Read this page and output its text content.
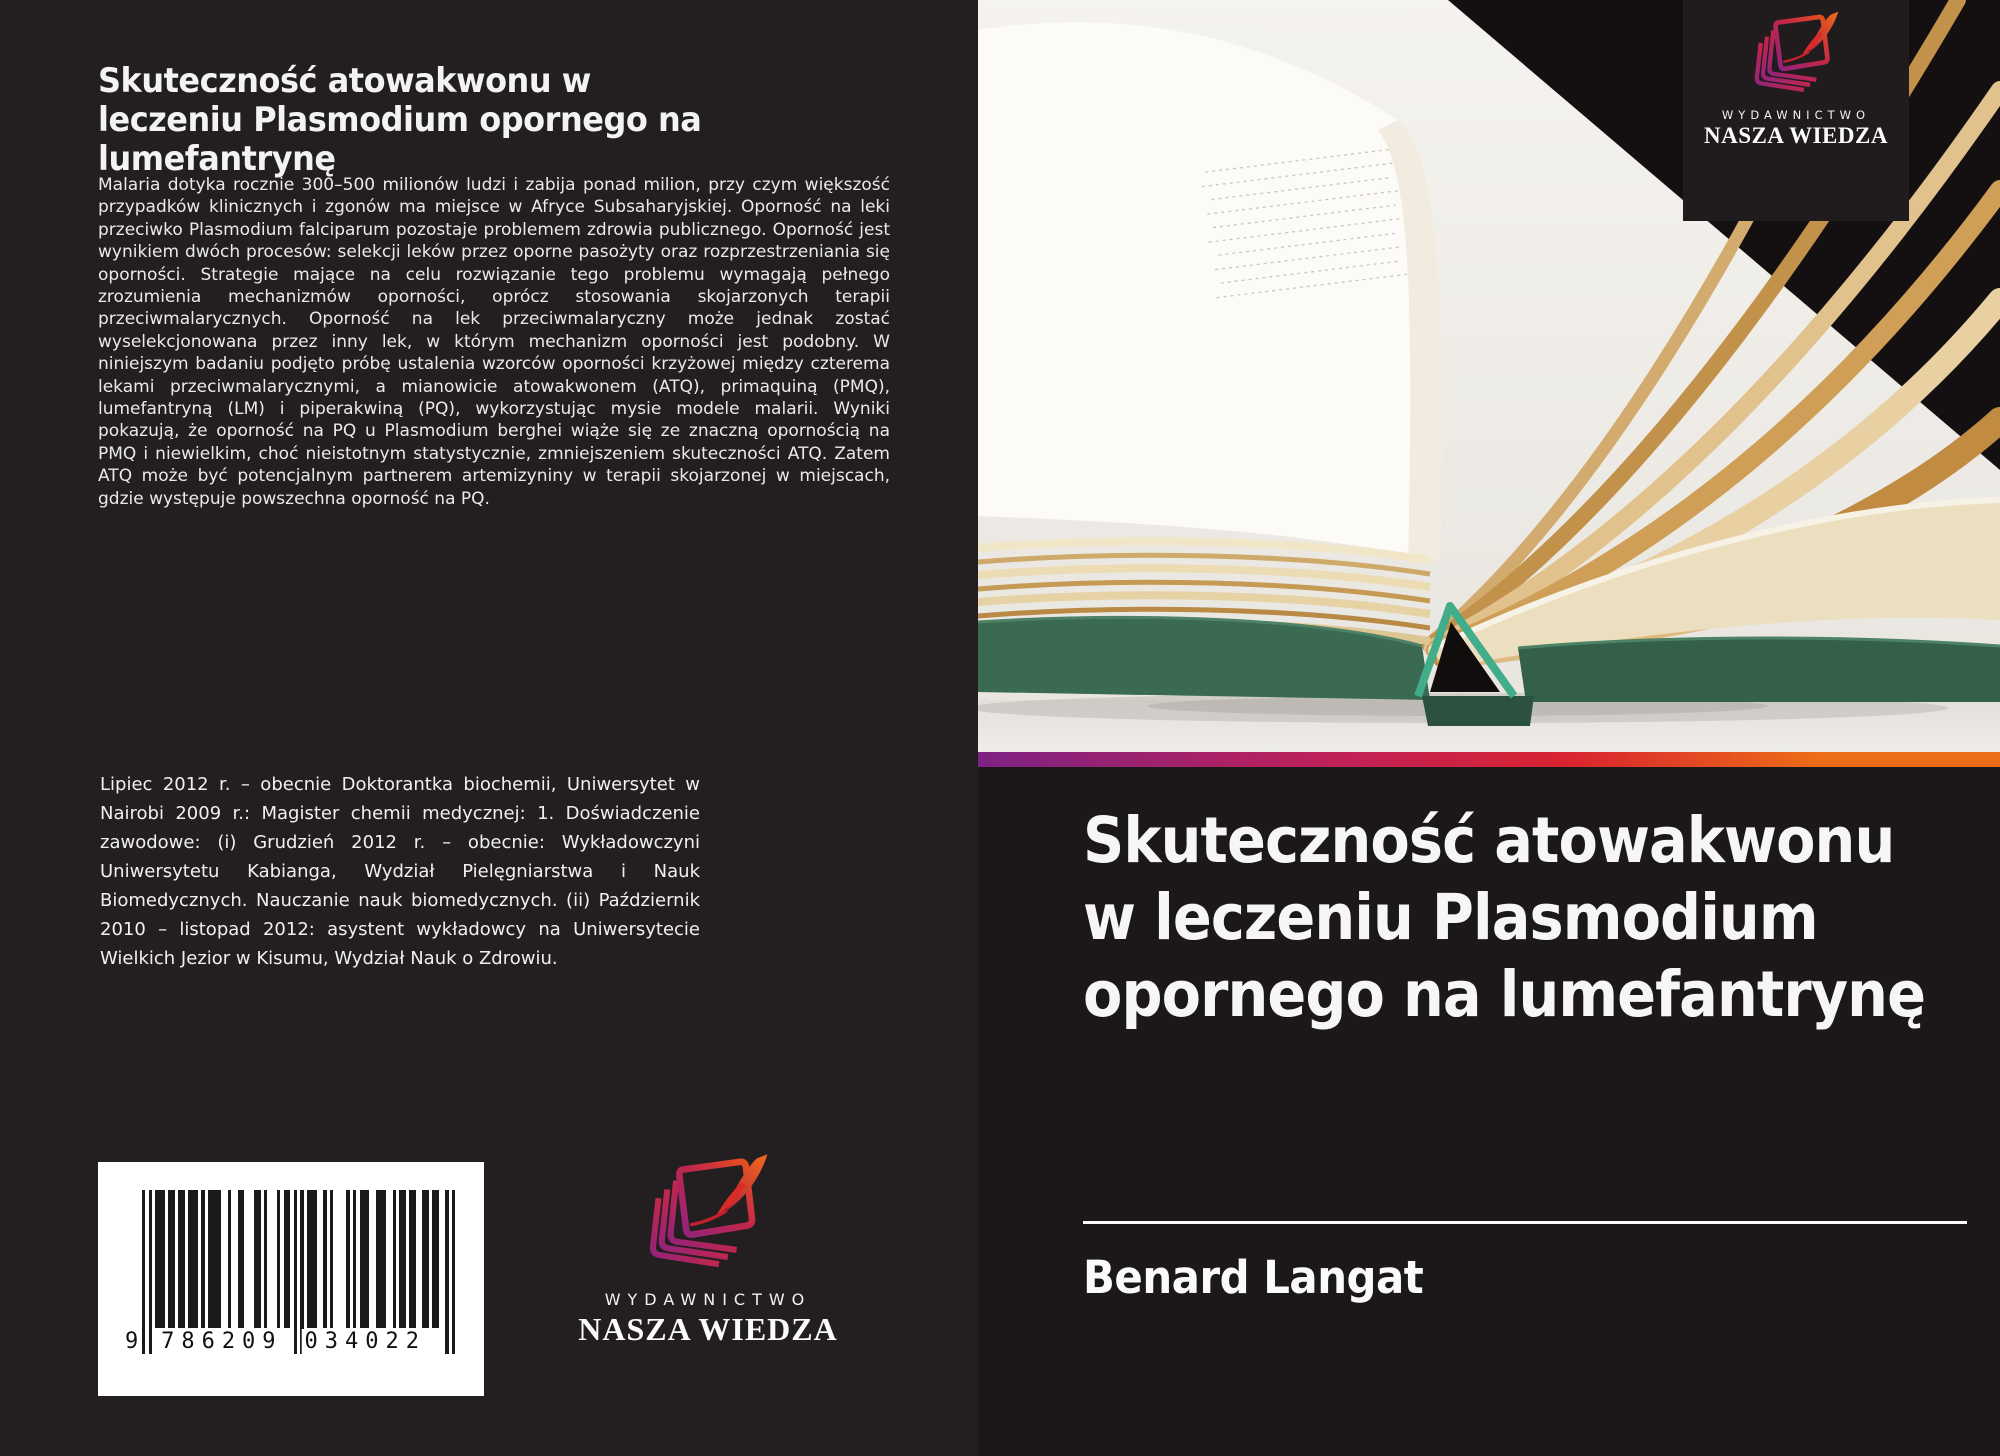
Skuteczność atowakwonu w
leczeniu Plasmodium opornego na
lumefantrynę

Malaria dotyka rocznie 300–500 milionów ludzi i zabija ponad milion, przy czym większość przypadków klinicznych i zgonów ma miejsce w Afryce Subsaharyjskiej. Oporność na leki przeciwko Plasmodium falciparum pozostaje problemem zdrowia publicznego. Oporność jest wynikiem dwóch procesów: selekcji leków przez oporne pasożyty oraz rozprzestrzeniania się oporności. Strategie mające na celu rozwiązanie tego problemu wymagają pełnego zrozumienia mechanizmów oporności, oprócz stosowania skojarzonych terapii przeciwmalarycznych. Oporność na lek przeciwmalaryczny może jednak zostać wyselekcjonowana przez inny lek, w którym mechanizm oporności jest podobny. W niniejszym badaniu podjęto próbę ustalenia wzorców oporności krzyżowej między czterema lekami przeciwmalarycznymi, a mianowicie atowakwonem (ATQ), primaquiną (PMQ), lumefantryną (LM) i piperakwiną (PQ), wykorzystując mysie modele malarii. Wyniki pokazują, że oporność na PQ u Plasmodium berghei wiąże się ze znaczną opornością na PMQ i niewielkim, choć nieistotnym statystycznie, zmniejszeniem skuteczności ATQ. Zatem ATQ może być potencjalnym partnerem artemizyniny w terapii skojarzonej w miejscach, gdzie występuje powszechna oporność na PQ.

Lipiec 2012 r. – obecnie Doktorantka biochemii, Uniwersytet w Nairobi 2009 r.: Magister chemii medycznej: 1. Doświadczenie zawodowe: (i) Grudzień 2012 r. – obecnie: Wykładowczyni Uniwersytetu Kabianga, Wydział Pielęgniarstwa i Nauk Biomedycznych. Nauczanie nauk biomedycznych. (ii) Październik 2010 – listopad 2012: asystent wykładowcy na Uniwersytecie Wielkich Jezior w Kisumu, Wydział Nauk o Zdrowiu.

9 786209 034022
WYDAWNICTWO
NASZA WIEDZA
WYDAWNICTWO
NASZA WIEDZA
Skuteczność atowakwonu
w leczeniu Plasmodium
opornego na lumefantrynę
Benard Langat
